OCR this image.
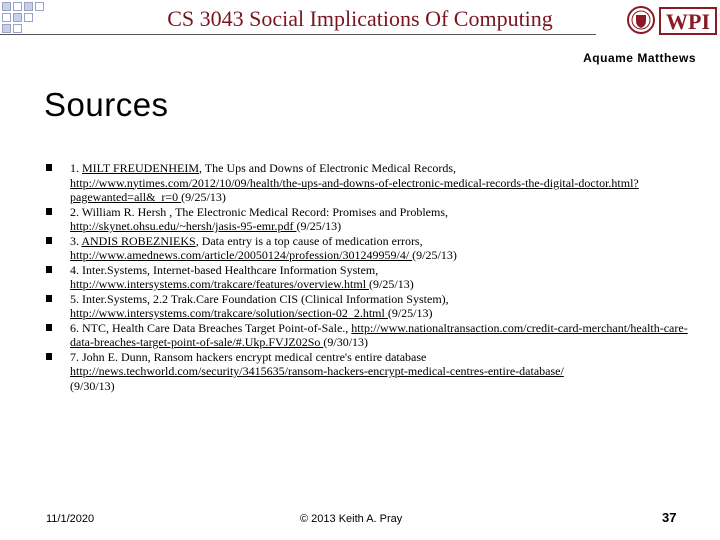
CS 3043 Social Implications Of Computing	WPI
Aquame Matthews
Sources
1. MILT FREUDENHEIM, The Ups and Downs of Electronic Medical Records,
http://www.nytimes.com/2012/10/09/health/the-ups-and-downs-of-electronic-medical-records-the-digital-doctor.html?pagewanted=all&_r=0 (9/25/13)
2. William R. Hersh , The Electronic Medical Record: Promises and Problems,
http://skynet.ohsu.edu/~hersh/jasis-95-emr.pdf (9/25/13)
3. ANDIS ROBEZNIEKS, Data entry is a top cause of medication errors,
http://www.amednews.com/article/20050124/profession/301249959/4/ (9/25/13)
4. Inter.Systems, Internet-based Healthcare Information System,
http://www.intersystems.com/trakcare/features/overview.html (9/25/13)
5. Inter.Systems, 2.2 Trak.Care Foundation CIS (Clinical Information System),
http://www.intersystems.com/trakcare/solution/section-02_2.html (9/25/13)
6. NTC, Health Care Data Breaches Target Point-of-Sale., http://www.nationaltransaction.com/credit-card-merchant/health-care-data-breaches-target-point-of-sale/#.Ukp.FVJZ02So (9/30/13)
7. John E. Dunn, Ransom hackers encrypt medical centre's entire database
http://news.techworld.com/security/3415635/ransom-hackers-encrypt-medical-centres-entire-database/
(9/30/13)
11/1/2020	© 2013 Keith A. Pray	37
